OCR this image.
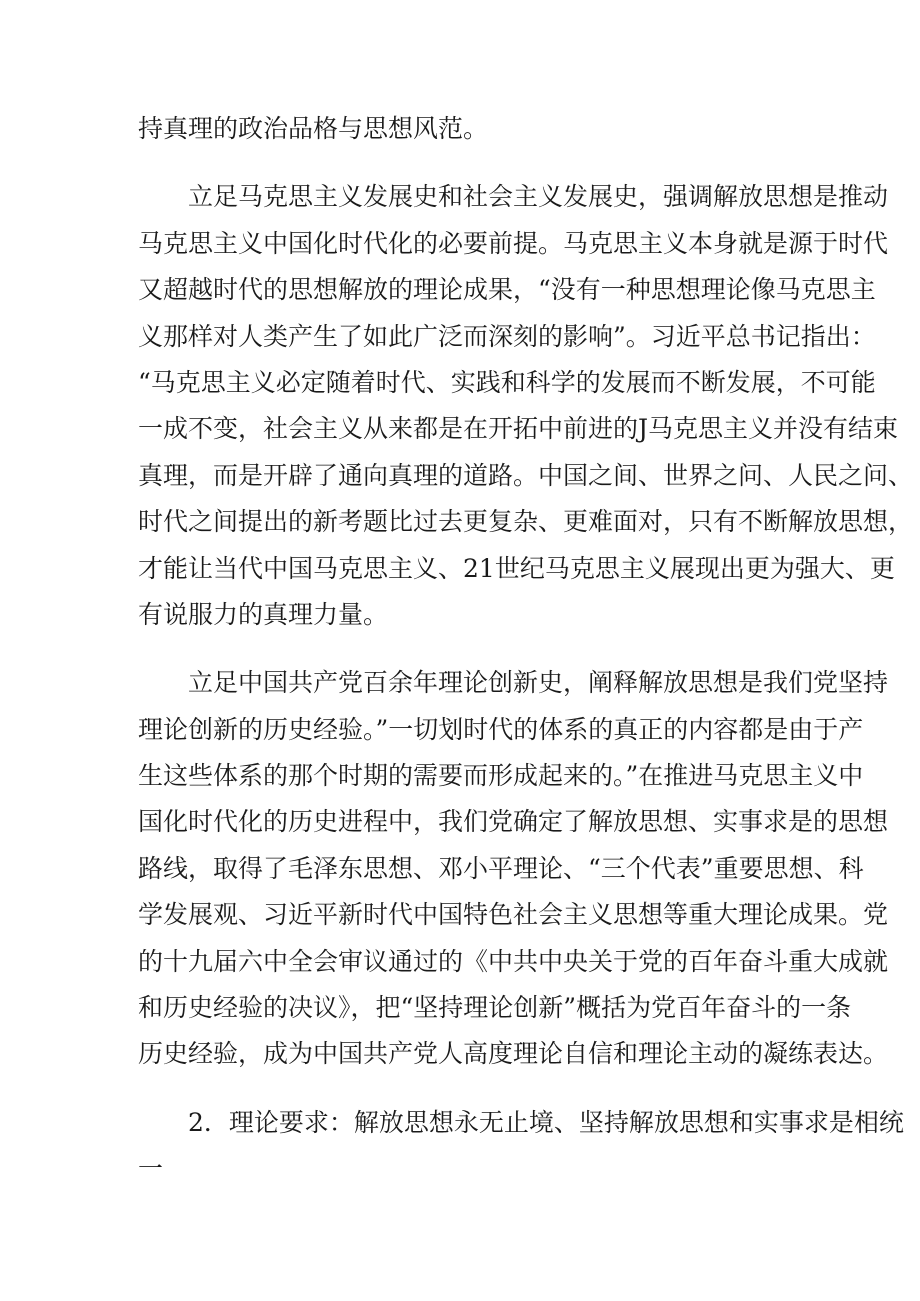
持真理的政治品格与思想风范。
立足马克思主义发展史和社会主义发展史，强调解放思想是推动
马克思主义中国化时代化的必要前提。马克思主义本身就是源于时代
又超越时代的思想解放的理论成果，“没有一种思想理论像马克思主
义那样对人类产生了如此广泛而深刻的影响”。习近平总书记指出：
“马克思主义必定随着时代、实践和科学的发展而不断发展，不可能
一成不变，社会主义从来都是在开拓中前进的J马克思主义并没有结束
真理，而是开辟了通向真理的道路。中国之间、世界之问、人民之问、
时代之间提出的新考题比过去更复杂、更难面对，只有不断解放思想，
才能让当代中国马克思主义、21世纪马克思主义展现出更为强大、更
有说服力的真理力量。
立足中国共产党百余年理论创新史，阐释解放思想是我们党坚持
理论创新的历史经验。”一切划时代的体系的真正的内容都是由于产
生这些体系的那个时期的需要而形成起来的。”在推进马克思主义中
国化时代化的历史进程中，我们党确定了解放思想、实事求是的思想
路线，取得了毛泽东思想、邓小平理论、“三个代表”重要思想、科
学发展观、习近平新时代中国特色社会主义思想等重大理论成果。党
的十九届六中全会审议通过的《中共中央关于党的百年奋斗重大成就
和历史经验的决议》，把“坚持理论创新”概括为党百年奋斗的一条
历史经验，成为中国共产党人高度理论自信和理论主动的凝练表达。
2．理论要求：解放思想永无止境、坚持解放思想和实事求是相统
一
